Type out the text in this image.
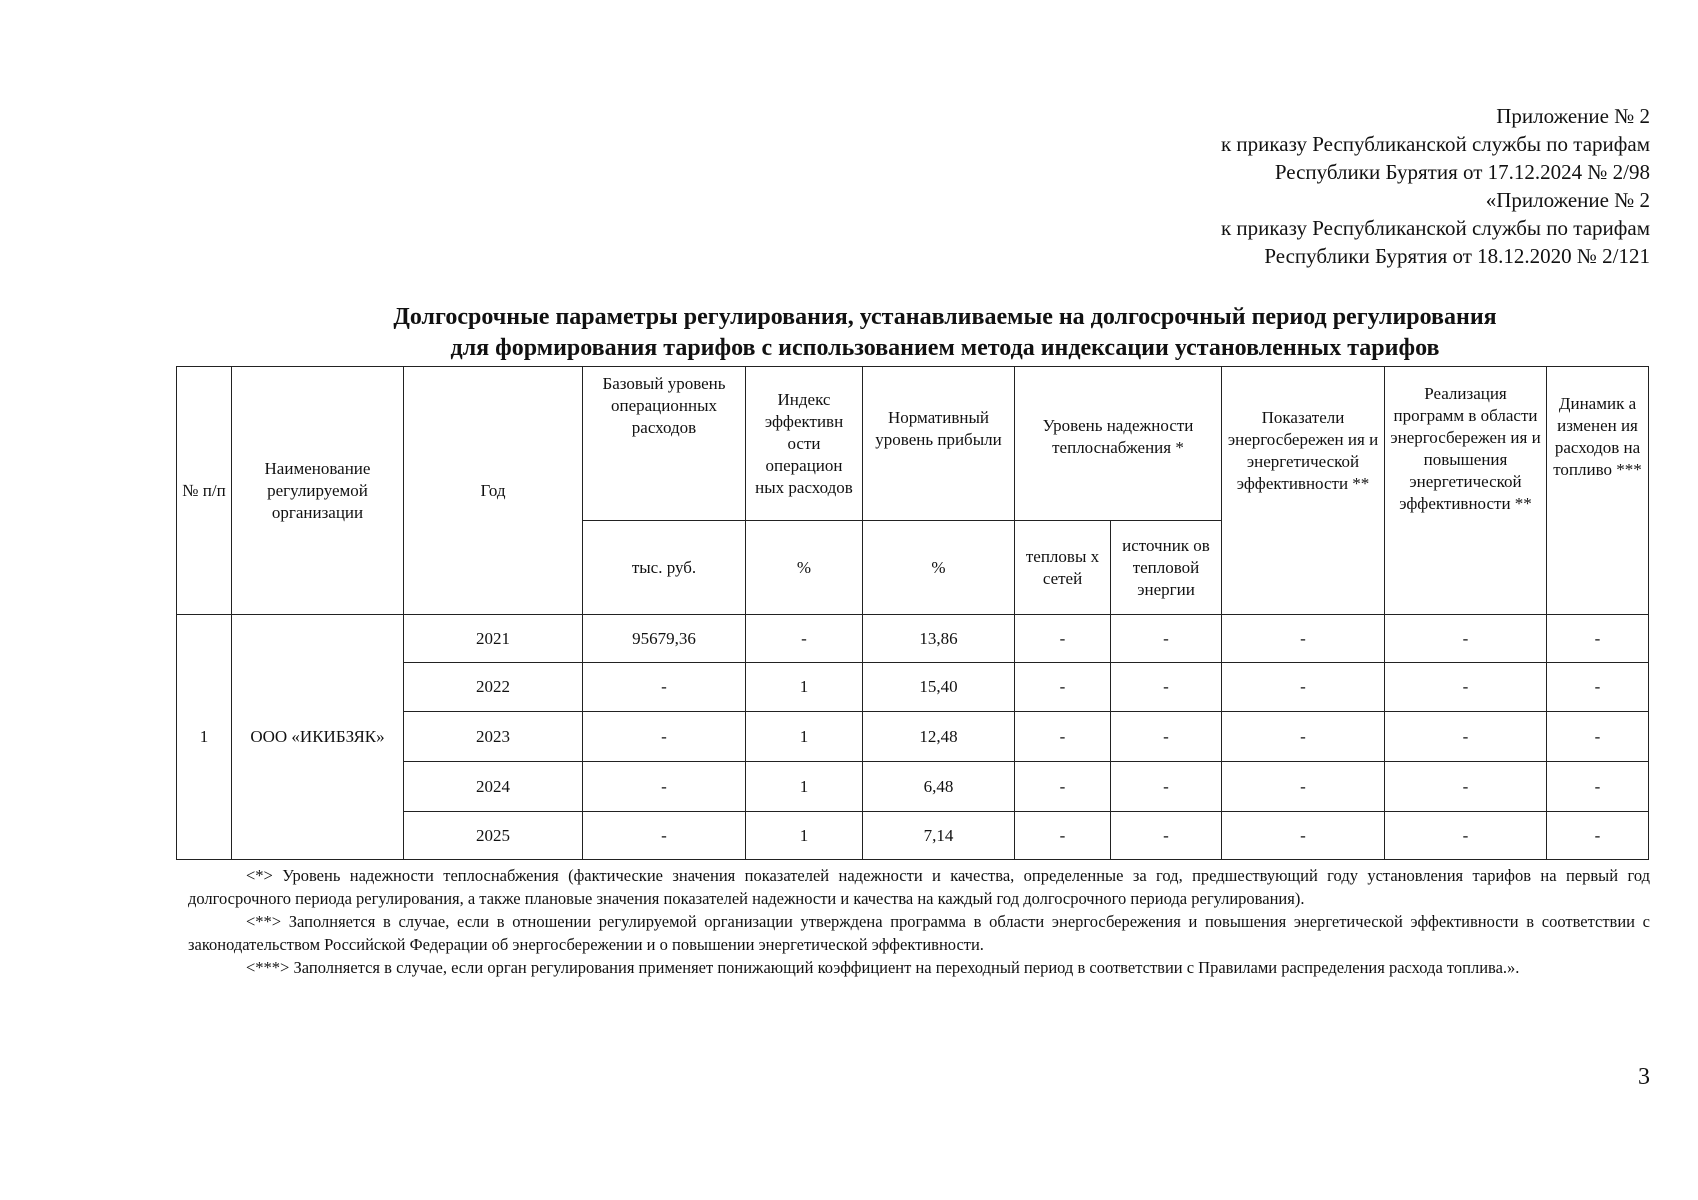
Приложение № 2
к приказу Республиканской службы по тарифам
Республики Бурятия от 17.12.2024 № 2/98
«Приложение № 2
к приказу Республиканской службы по тарифам
Республики Бурятия от 18.12.2020 № 2/121
Долгосрочные параметры регулирования, устанавливаемые на долгосрочный период регулирования
для формирования тарифов с использованием метода индексации установленных тарифов
№ п/п	Наименование регулируемой организации	Год	Базовый уровень операционных расходов	Индекс эффективн ости операцион ных расходов	Нормативный уровень прибыли	Уровень надежности теплоснабжения *		Показатели энергосбережен ия и энергетической эффективности **	Реализация программ в области энергосбережен ия и повышения энергетической эффективности **	Динамик а изменен ия расходов на топливо ***
			тыс. руб.	%	%	тепловы х сетей	источник ов тепловой энергии			
1	ООО «ИКИБЗЯК»	2021	95679,36	-	13,86	-	-	-	-	-
		2022	-	1	15,40	-	-	-	-	-
		2023	-	1	12,48	-	-	-	-	-
		2024	-	1	6,48	-	-	-	-	-
		2025	-	1	7,14	-	-	-	-	-

<*> Уровень надежности теплоснабжения (фактические значения показателей надежности и качества, определенные за год, предшествующий году установления тарифов на первый год долгосрочного периода регулирования, а также плановые значения показателей надежности и качества на каждый год долгосрочного периода регулирования).

<**> Заполняется в случае, если в отношении регулируемой организации утверждена программа в области энергосбережения и повышения энергетической эффективности в соответствии с законодательством Российской Федерации об энергосбережении и о повышении энергетической эффективности.

<***> Заполняется в случае, если орган регулирования применяет понижающий коэффициент на переходный период в соответствии с Правилами распределения расхода топлива.».

3
